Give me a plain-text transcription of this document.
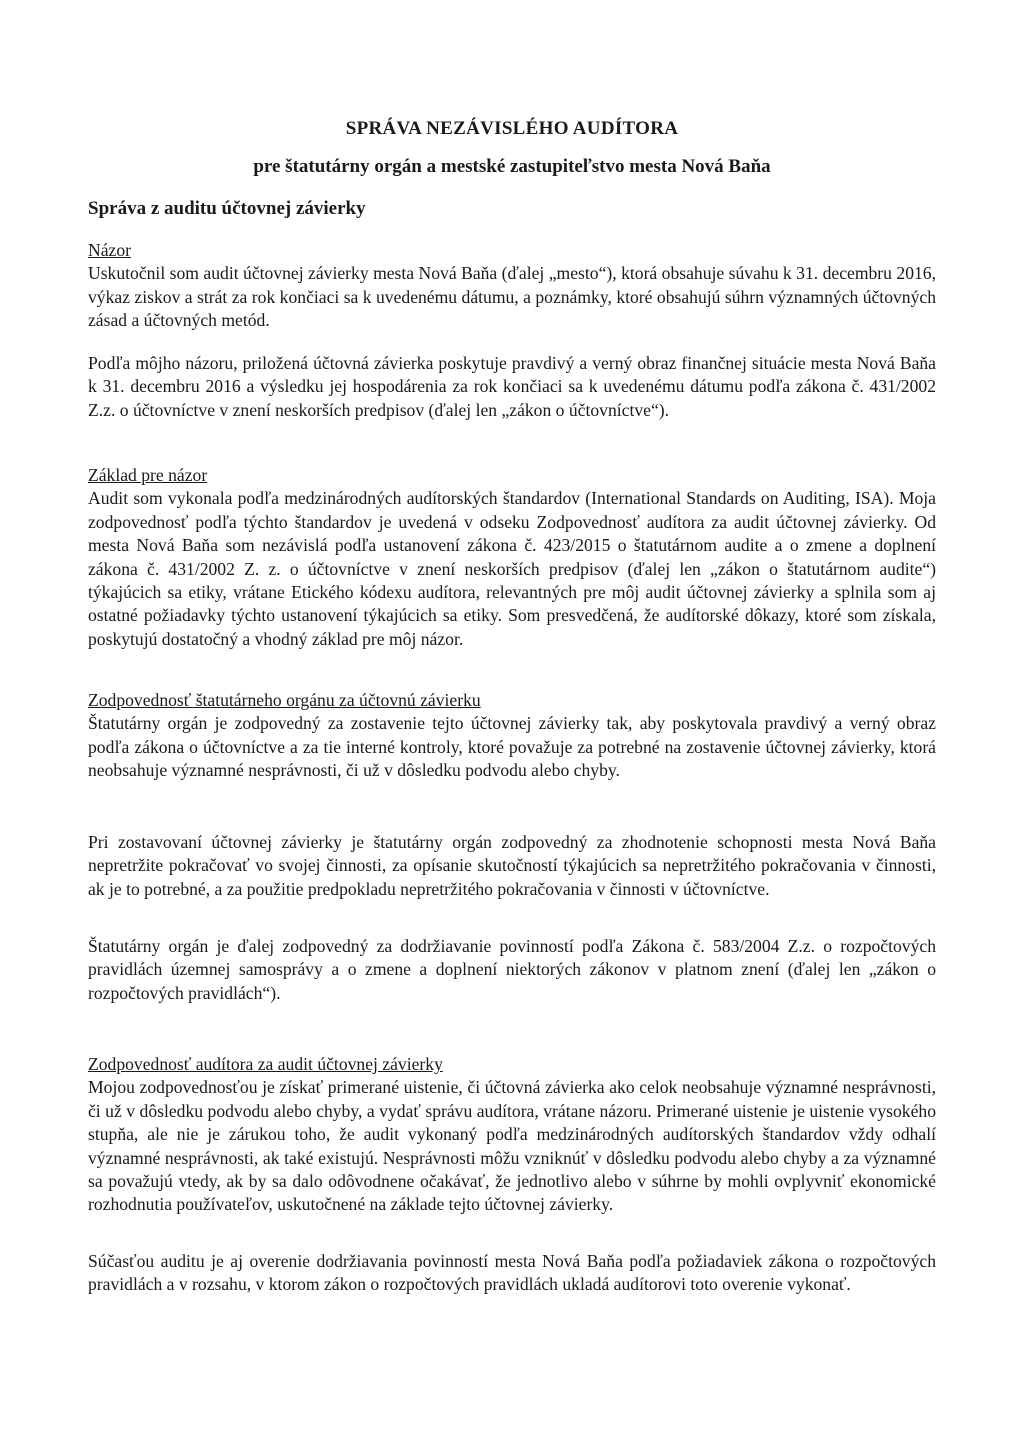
SPRÁVA NEZÁVISLÉHO AUDÍTORA
pre štatutárny orgán a mestské zastupiteľstvo mesta Nová Baňa
Správa z auditu účtovnej závierky
Názor

Uskutočnil som audit účtovnej závierky mesta Nová Baňa (ďalej „mesto“), ktorá obsahuje súvahu k 31. decembru 2016, výkaz ziskov a strát za rok končiaci sa k uvedenému dátumu, a poznámky, ktoré obsahujú súhrn významných účtovných zásad a účtovných metód.

Podľa môjho názoru, priložená účtovná závierka poskytuje pravdivý a verný obraz finančnej situácie mesta Nová Baňa k 31. decembru 2016 a výsledku jej hospodárenia za rok končiaci sa k uvedenému dátumu podľa zákona č. 431/2002 Z.z. o účtovníctve v znení neskorších predpisov (ďalej len „zákon o účtovníctve“).

Základ pre názor

Audit som vykonala podľa medzinárodných audítorských štandardov (International Standards on Auditing, ISA). Moja zodpovednosť podľa týchto štandardov je uvedená v odseku Zodpovednosť audítora za audit účtovnej závierky. Od mesta Nová Baňa som nezávislá podľa ustanovení zákona č. 423/2015 o štatutárnom audite a o zmene a doplnení zákona č. 431/2002 Z. z. o účtovníctve v znení neskorších predpisov (ďalej len „zákon o štatutárnom audite“) týkajúcich sa etiky, vrátane Etického kódexu audítora, relevantných pre môj audit účtovnej závierky a splnila som aj ostatné požiadavky týchto ustanovení týkajúcich sa etiky. Som presvedčená, že audítorské dôkazy, ktoré som získala, poskytujú dostatočný a vhodný základ pre môj názor.

Zodpovednosť štatutárneho orgánu za účtovnú závierku

Štatutárny orgán je zodpovedný za zostavenie tejto účtovnej závierky tak, aby poskytovala pravdivý a verný obraz podľa zákona o účtovníctve a za tie interné kontroly, ktoré považuje za potrebné na zostavenie účtovnej závierky, ktorá neobsahuje významné nesprávnosti, či už v dôsledku podvodu alebo chyby.

Pri zostavovaní účtovnej závierky je štatutárny orgán zodpovedný za zhodnotenie schopnosti mesta Nová Baňa nepretržite pokračovať vo svojej činnosti, za opísanie skutočností týkajúcich sa nepretržitého pokračovania v činnosti, ak je to potrebné, a za použitie predpokladu nepretržitého pokračovania v činnosti v účtovníctve.

Štatutárny orgán je ďalej zodpovedný za dodržiavanie povinností podľa Zákona č. 583/2004 Z.z. o rozpočtových pravidlách územnej samosprávy a o zmene a doplnení niektorých zákonov v platnom znení (ďalej len „zákon o rozpočtových pravidlách“).

Zodpovednosť audítora za audit účtovnej závierky

Mojou zodpovednosťou je získať primerané uistenie, či účtovná závierka ako celok neobsahuje významné nesprávnosti, či už v dôsledku podvodu alebo chyby, a vydať správu audítora, vrátane názoru. Primerané uistenie je uistenie vysokého stupňa, ale nie je zárukou toho, že audit vykonaný podľa medzinárodných audítorských štandardov vždy odhalí významné nesprávnosti, ak také existujú. Nesprávnosti môžu vzniknúť v dôsledku podvodu alebo chyby a za významné sa považujú vtedy, ak by sa dalo odôvodnene očakávať, že jednotlivo alebo v súhrne by mohli ovplyvniť ekonomické rozhodnutia používateľov, uskutočnené na základe tejto účtovnej závierky.

Súčasťou auditu je aj overenie dodržiavania povinností mesta Nová Baňa podľa požiadaviek zákona o rozpočtových pravidlách a v rozsahu, v ktorom zákon o rozpočtových pravidlách ukladá audítorovi toto overenie vykonať.
